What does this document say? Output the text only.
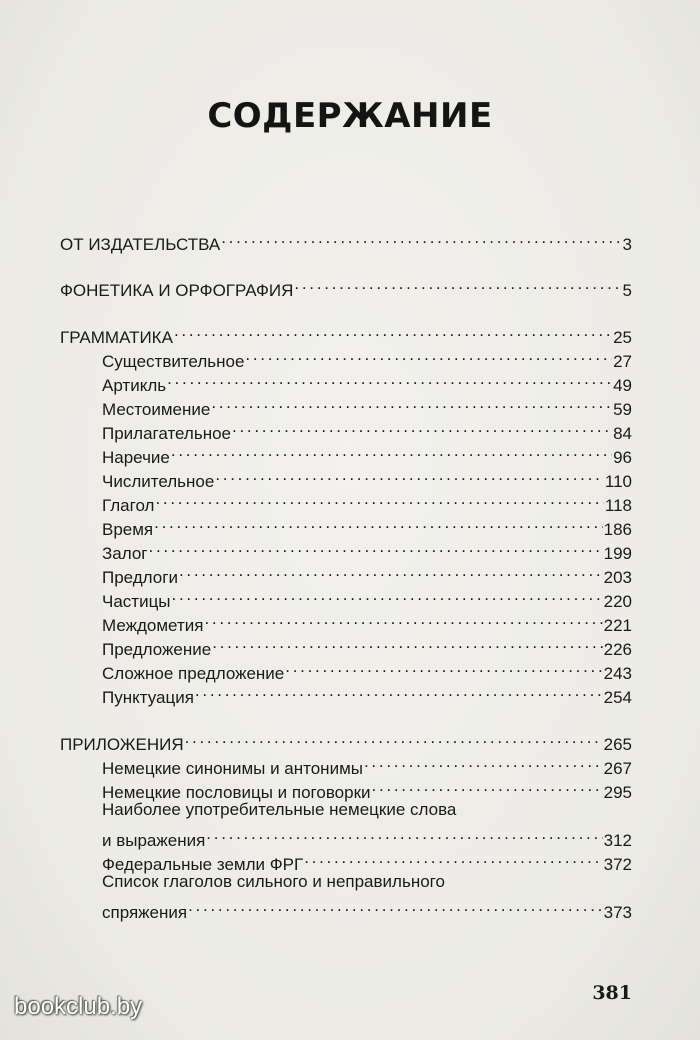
СОДЕРЖАНИЕ
ОТ ИЗДАТЕЛЬСТВА . . .	3
ФОНЕТИКА И ОРФОГРАФИЯ . . .	5
ГРАММАТИКА . . .	25
Существительное . . .	27
Артикль . . .	49
Местоимение . . .	59
Прилагательное . . .	84
Наречие . . .	96
Числительное . . .	110
Глагол . . .	118
Время . . .	186
Залог . . .	199
Предлоги . . .	203
Частицы . . .	220
Междометия . . .	221
Предложение . . .	226
Сложное предложение . . .	243
Пунктуация . . .	254
ПРИЛОЖЕНИЯ . . .	265
Немецкие синонимы и антонимы . . .	267
Немецкие пословицы и поговорки . . .	295
Наиболее употребительные немецкие слова
и выражения . . .	312
Федеральные земли ФРГ . . .	372
Список глаголов сильного и неправильного
спряжения . . .	373
381
bookclub.by
